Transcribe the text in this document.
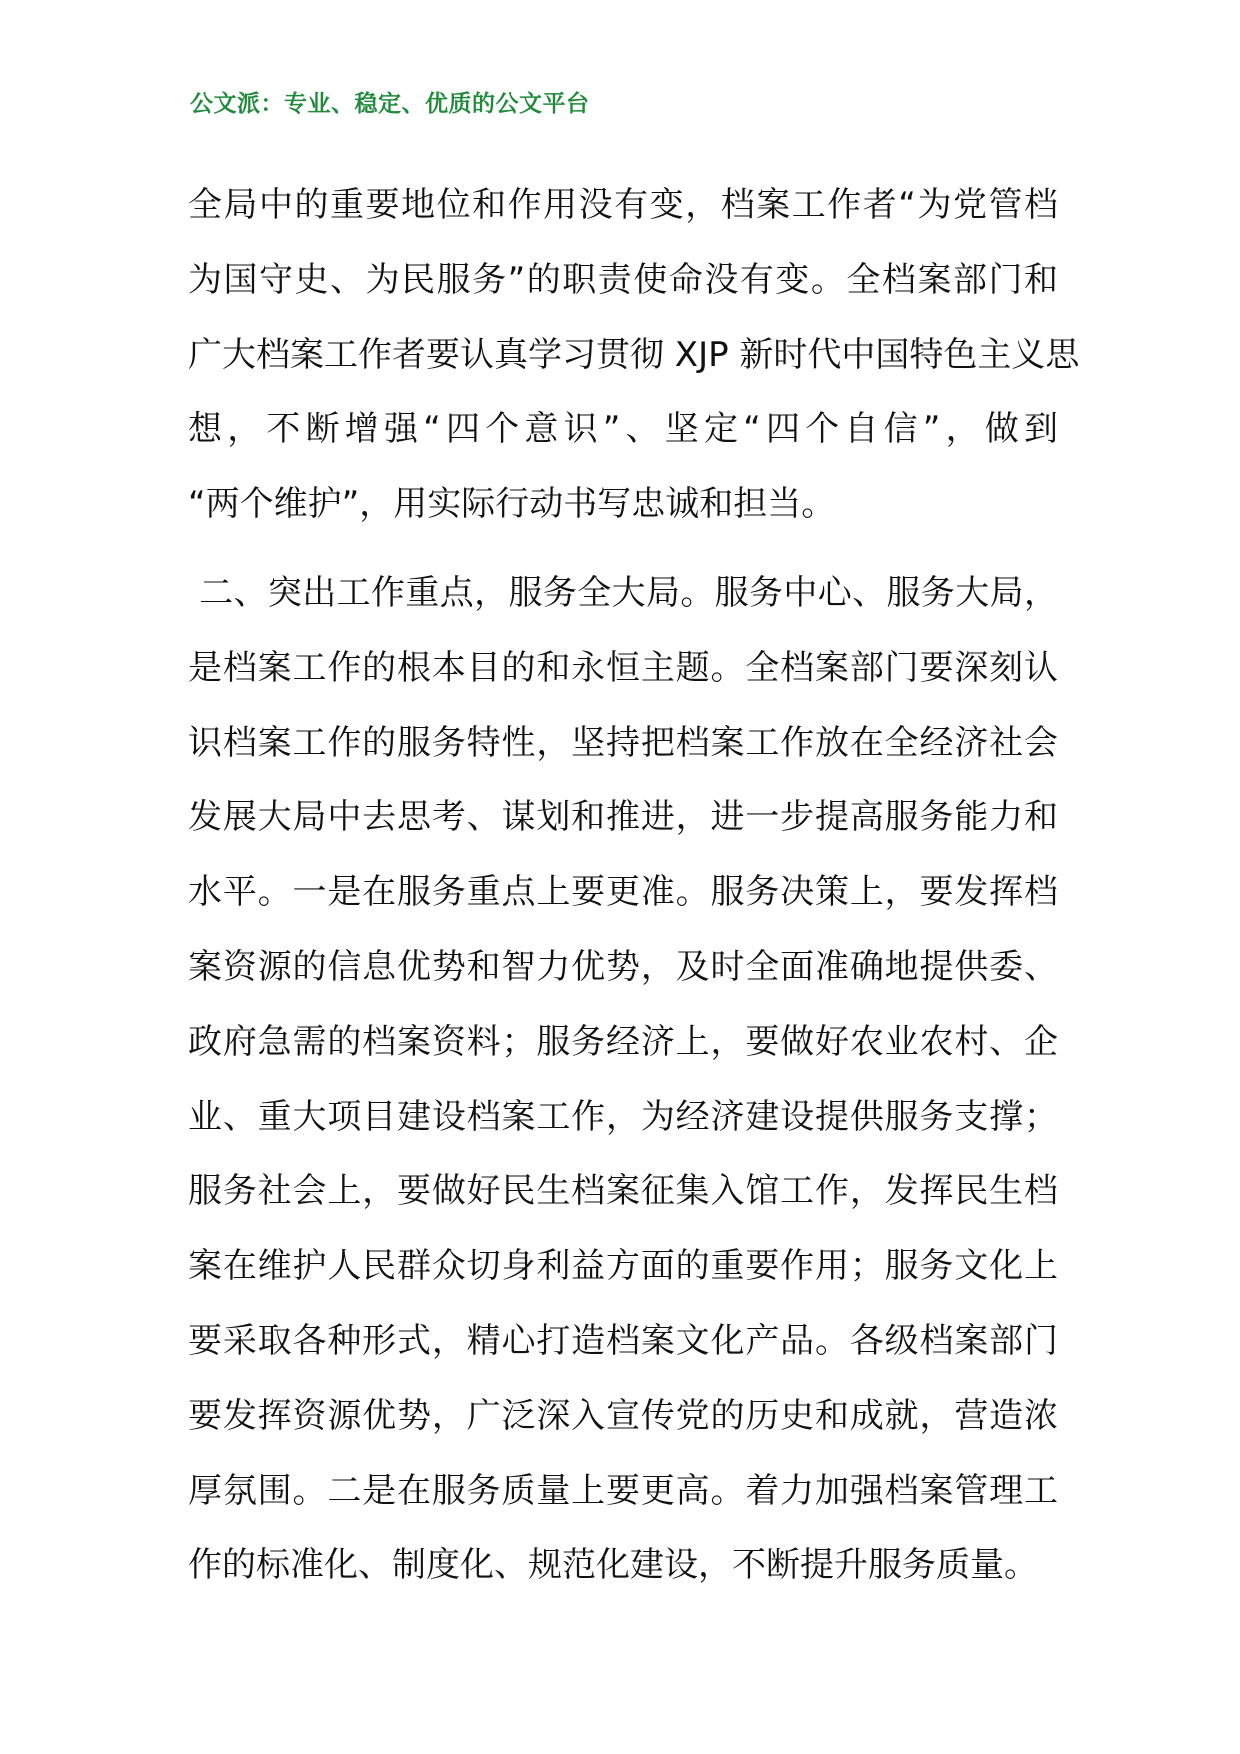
公文派：专业、稳定、优质的公文平台
全局中的重要地位和作用没有变，档案工作者“为党管档
为国守史、为民服务”的职责使命没有变。全档案部门和
广大档案工作者要认真学习贯彻 XJP 新时代中国特色主义思
想，不断增强“四个意识”、坚定“四个自信”，做到
“两个维护”，用实际行动书写忠诚和担当。
二、突出工作重点，服务全大局。服务中心、服务大局，
是档案工作的根本目的和永恒主题。全档案部门要深刻认
识档案工作的服务特性，坚持把档案工作放在全经济社会
发展大局中去思考、谋划和推进，进一步提高服务能力和
水平。一是在服务重点上要更准。服务决策上，要发挥档
案资源的信息优势和智力优势，及时全面准确地提供委、
政府急需的档案资料；服务经济上，要做好农业农村、企
业、重大项目建设档案工作，为经济建设提供服务支撑；
服务社会上，要做好民生档案征集入馆工作，发挥民生档
案在维护人民群众切身利益方面的重要作用；服务文化上
要采取各种形式，精心打造档案文化产品。各级档案部门
要发挥资源优势，广泛深入宣传党的历史和成就，营造浓
厚氛围。二是在服务质量上要更高。着力加强档案管理工
作的标准化、制度化、规范化建设，不断提升服务质量。
